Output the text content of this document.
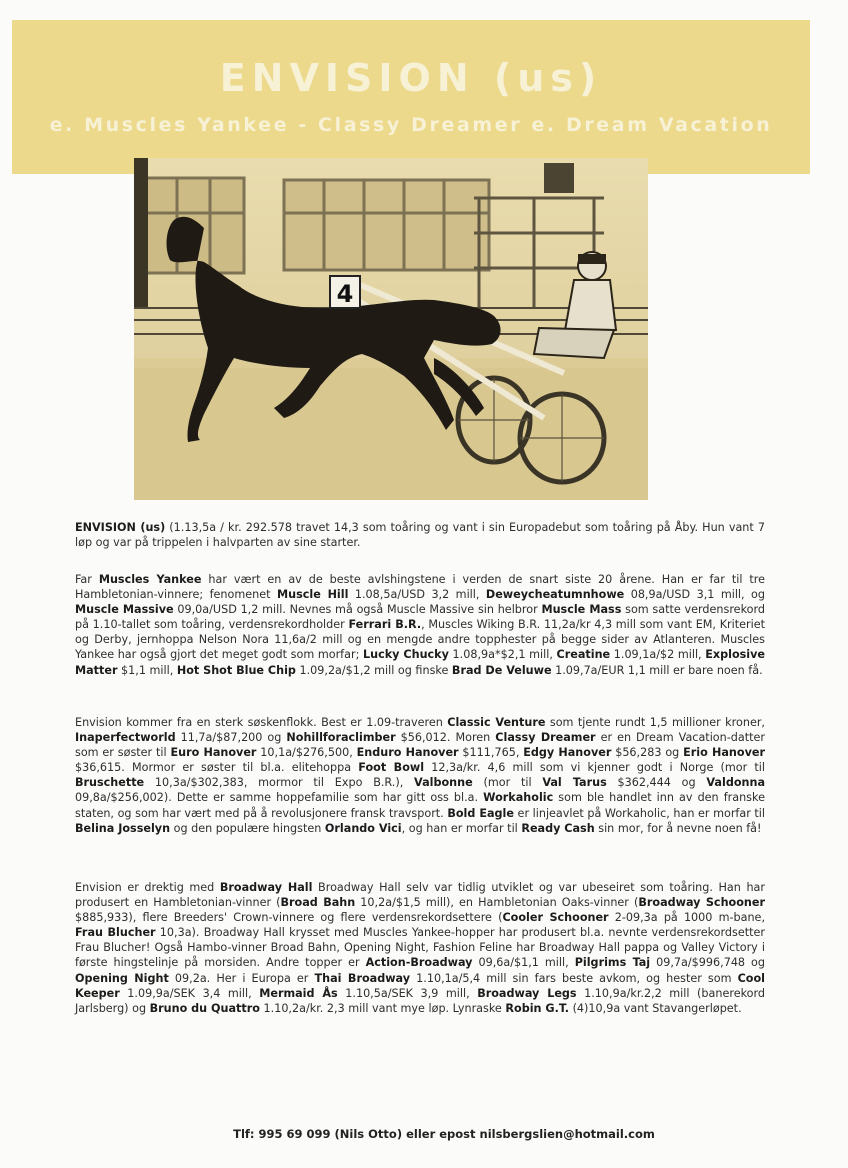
ENVISION (us)
e. Muscles Yankee - Classy Dreamer e. Dream Vacation
4

ENVISION (us) (1.13,5a / kr. 292.578 travet 14,3 som toåring og vant i sin Europadebut som toåring på Åby. Hun vant 7 løp og var på trippelen i halvparten av sine starter.

Far Muscles Yankee har vært en av de beste avlshingstene i verden de snart siste 20 årene. Han er far til tre Hambletonian-vinnere; fenomenet Muscle Hill 1.08,5a/USD 3,2 mill, Deweycheatumnhowe 08,9a/USD 3,1 mill, og Muscle Massive 09,0a/USD 1,2 mill. Nevnes må også Muscle Massive sin helbror Muscle Mass som satte verdensrekord på 1.10-tallet som toåring, verdensrekordholder Ferrari B.R., Muscles Wiking B.R. 11,2a/kr 4,3 mill som vant EM, Kriteriet og Derby, jernhoppa Nelson Nora 11,6a/2 mill og en mengde andre topphester på begge sider av Atlanteren. Muscles Yankee har også gjort det meget godt som morfar; Lucky Chucky 1.08,9a*$2,1 mill, Creatine 1.09,1a/$2 mill, Explosive Matter $1,1 mill, Hot Shot Blue Chip 1.09,2a/$1,2 mill og finske Brad De Veluwe 1.09,7a/EUR 1,1 mill er bare noen få.

Envision kommer fra en sterk søskenflokk. Best er 1.09-traveren Classic Venture som tjente rundt 1,5 millioner kroner, Inaperfectworld 11,7a/$87,200 og Nohillforaclimber $56,012. Moren Classy Dreamer er en Dream Vacation-datter som er søster til Euro Hanover 10,1a/$276,500, Enduro Hanover $111,765, Edgy Hanover $56,283 og Erio Hanover $36,615. Mormor er søster til bl.a. elitehoppa Foot Bowl 12,3a/kr. 4,6 mill som vi kjenner godt i Norge (mor til Bruschette 10,3a/$302,383, mormor til Expo B.R.), Valbonne (mor til Val Tarus $362,444 og Valdonna 09,8a/$256,002). Dette er samme hoppefamilie som har gitt oss bl.a. Workaholic som ble handlet inn av den franske staten, og som har vært med på å revolusjonere fransk travsport. Bold Eagle er linjeavlet på Workaholic, han er morfar til Belina Josselyn og den populære hingsten Orlando Vici, og han er morfar til Ready Cash sin mor, for å nevne noen få!

Envision er drektig med Broadway Hall Broadway Hall selv var tidlig utviklet og var ubeseiret som toåring. Han har produsert en Hambletonian-vinner (Broad Bahn 10,2a/$1,5 mill), en Hambletonian Oaks-vinner (Broadway Schooner $885,933), flere Breeders' Crown-vinnere og flere verdensrekordsettere (Cooler Schooner 2-09,3a på 1000 m-bane, Frau Blucher 10,3a). Broadway Hall krysset med Muscles Yankee-hopper har produsert bl.a. nevnte verdensrekordsetter Frau Blucher! Også Hambo-vinner Broad Bahn, Opening Night, Fashion Feline har Broadway Hall pappa og Valley Victory i første hingstelinje på morsiden. Andre topper er Action-Broadway 09,6a/$1,1 mill, Pilgrims Taj 09,7a/$996,748 og Opening Night 09,2a. Her i Europa er Thai Broadway 1.10,1a/5,4 mill sin fars beste avkom, og hester som Cool Keeper 1.09,9a/SEK 3,4 mill, Mermaid Ås 1.10,5a/SEK 3,9 mill, Broadway Legs 1.10,9a/kr.2,2 mill (banerekord Jarlsberg) og Bruno du Quattro 1.10,2a/kr. 2,3 mill vant mye løp. Lynraske Robin G.T. (4)10,9a vant Stavangerløpet.

Tlf: 995 69 099 (Nils Otto) eller epost nilsbergslien@hotmail.com
